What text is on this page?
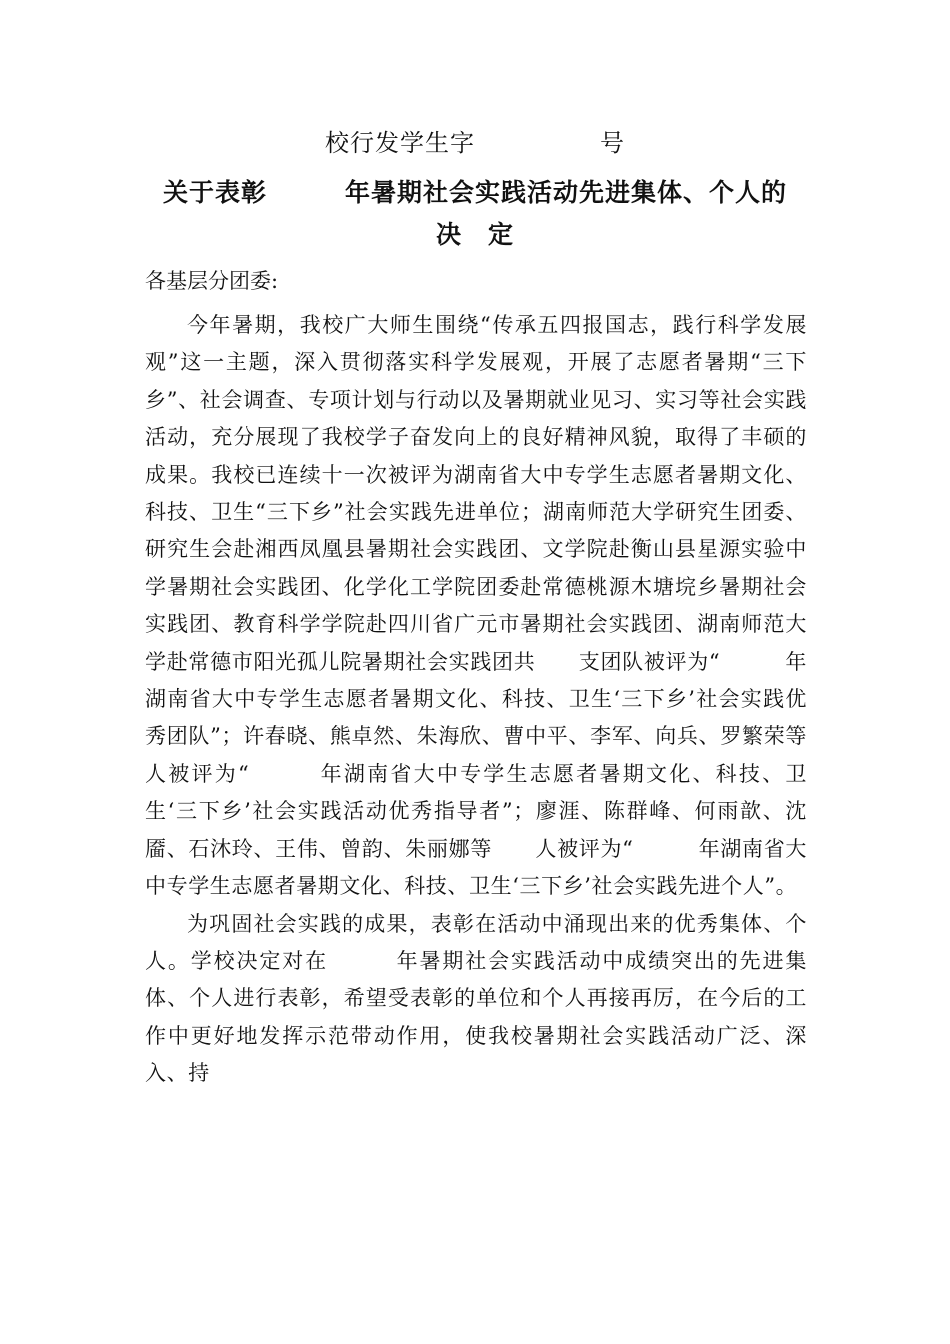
校行发学生字　　　　　号
关于表彰　　　年暑期社会实践活动先进集体、个人的
决　定
各基层分团委:

今年暑期，我校广大师生围绕“传承五四报国志，践行科学发展观”这一主题，深入贯彻落实科学发展观，开展了志愿者暑期“三下乡”、社会调查、专项计划与行动以及暑期就业见习、实习等社会实践活动，充分展现了我校学子奋发向上的良好精神风貌，取得了丰硕的成果。我校已连续十一次被评为湖南省大中专学生志愿者暑期文化、科技、卫生“三下乡”社会实践先进单位；湖南师范大学研究生团委、研究生会赴湘西凤凰县暑期社会实践团、文学院赴衡山县星源实验中学暑期社会实践团、化学化工学院团委赴常德桃源木塘垸乡暑期社会实践团、教育科学学院赴四川省广元市暑期社会实践团、湖南师范大学赴常德市阳光孤儿院暑期社会实践团共　　支团队被评为“　　　年湖南省大中专学生志愿者暑期文化、科技、卫生‘三下乡’社会实践优秀团队”；许春晓、熊卓然、朱海欣、曹中平、李军、向兵、罗繁荣等　　人被评为“　　　年湖南省大中专学生志愿者暑期文化、科技、卫生‘三下乡’社会实践活动优秀指导者”；廖涯、陈群峰、何雨歆、沈靥、石沐玲、王伟、曾韵、朱丽娜等　　人被评为“　　　年湖南省大中专学生志愿者暑期文化、科技、卫生‘三下乡’社会实践先进个人”。

为巩固社会实践的成果，表彰在活动中涌现出来的优秀集体、个人。学校决定对在　　　年暑期社会实践活动中成绩突出的先进集体、个人进行表彰，希望受表彰的单位和个人再接再厉，在今后的工作中更好地发挥示范带动作用，使我校暑期社会实践活动广泛、深入、持
